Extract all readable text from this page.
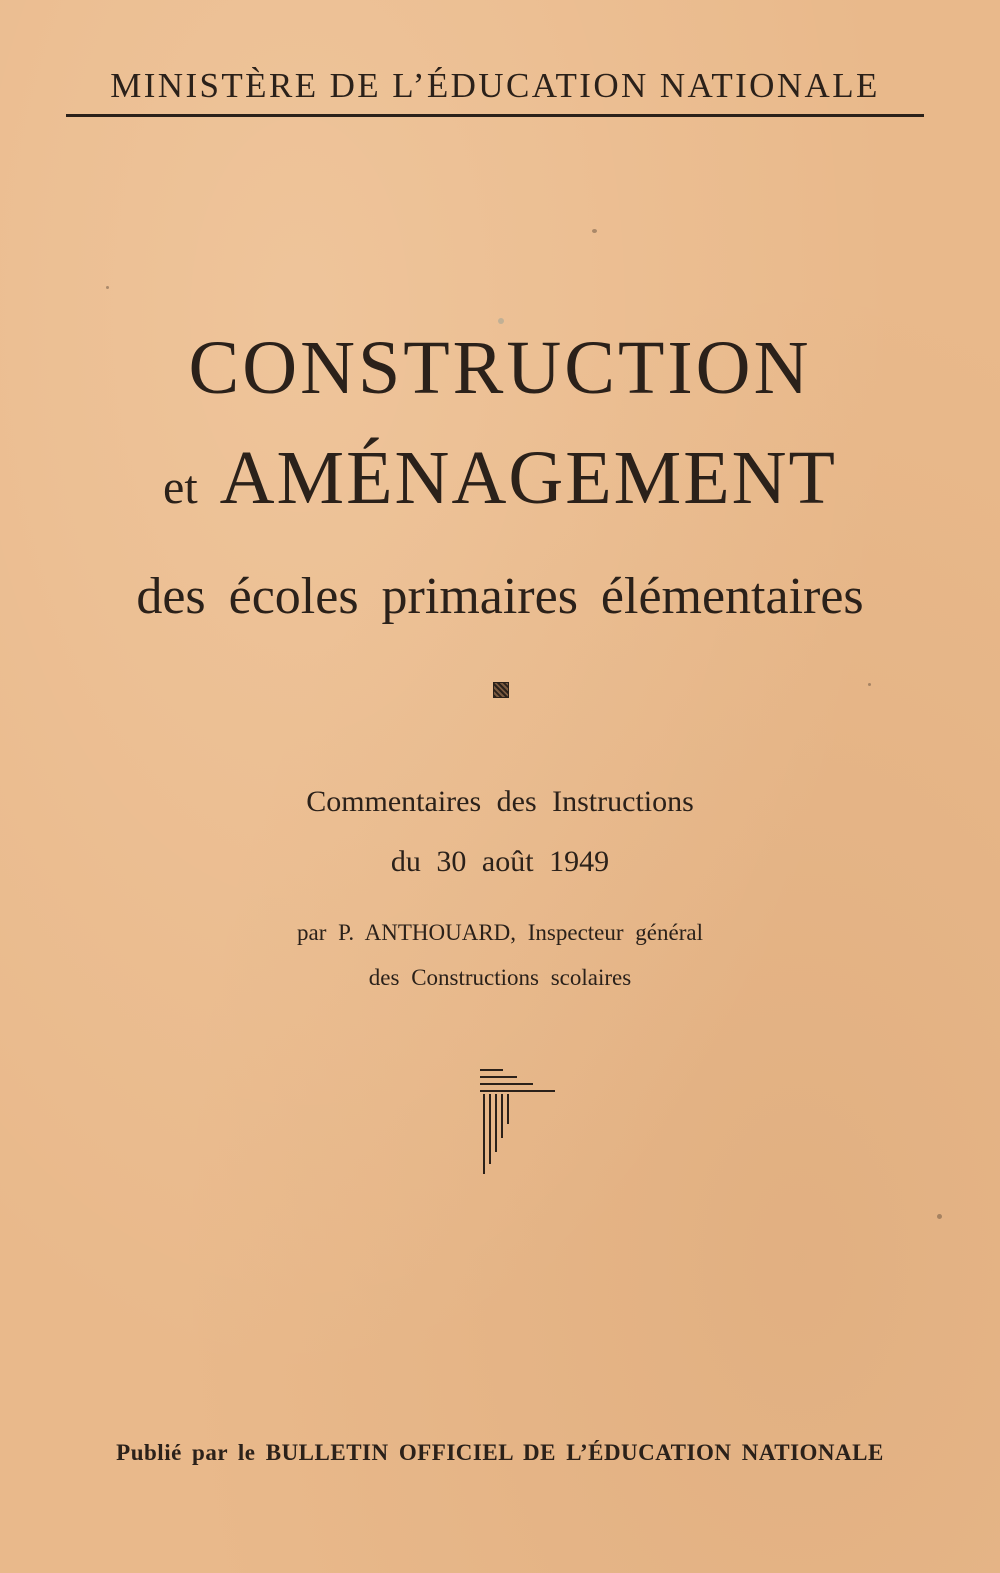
MINISTÈRE DE L’ÉDUCATION NATIONALE
CONSTRUCTION
et AMÉNAGEMENT
des écoles primaires élémentaires
Commentaires des Instructions
du 30 août 1949
par P. ANTHOUARD, Inspecteur général
des Constructions scolaires
Publié par le BULLETIN OFFICIEL DE L’ÉDUCATION NATIONALE
